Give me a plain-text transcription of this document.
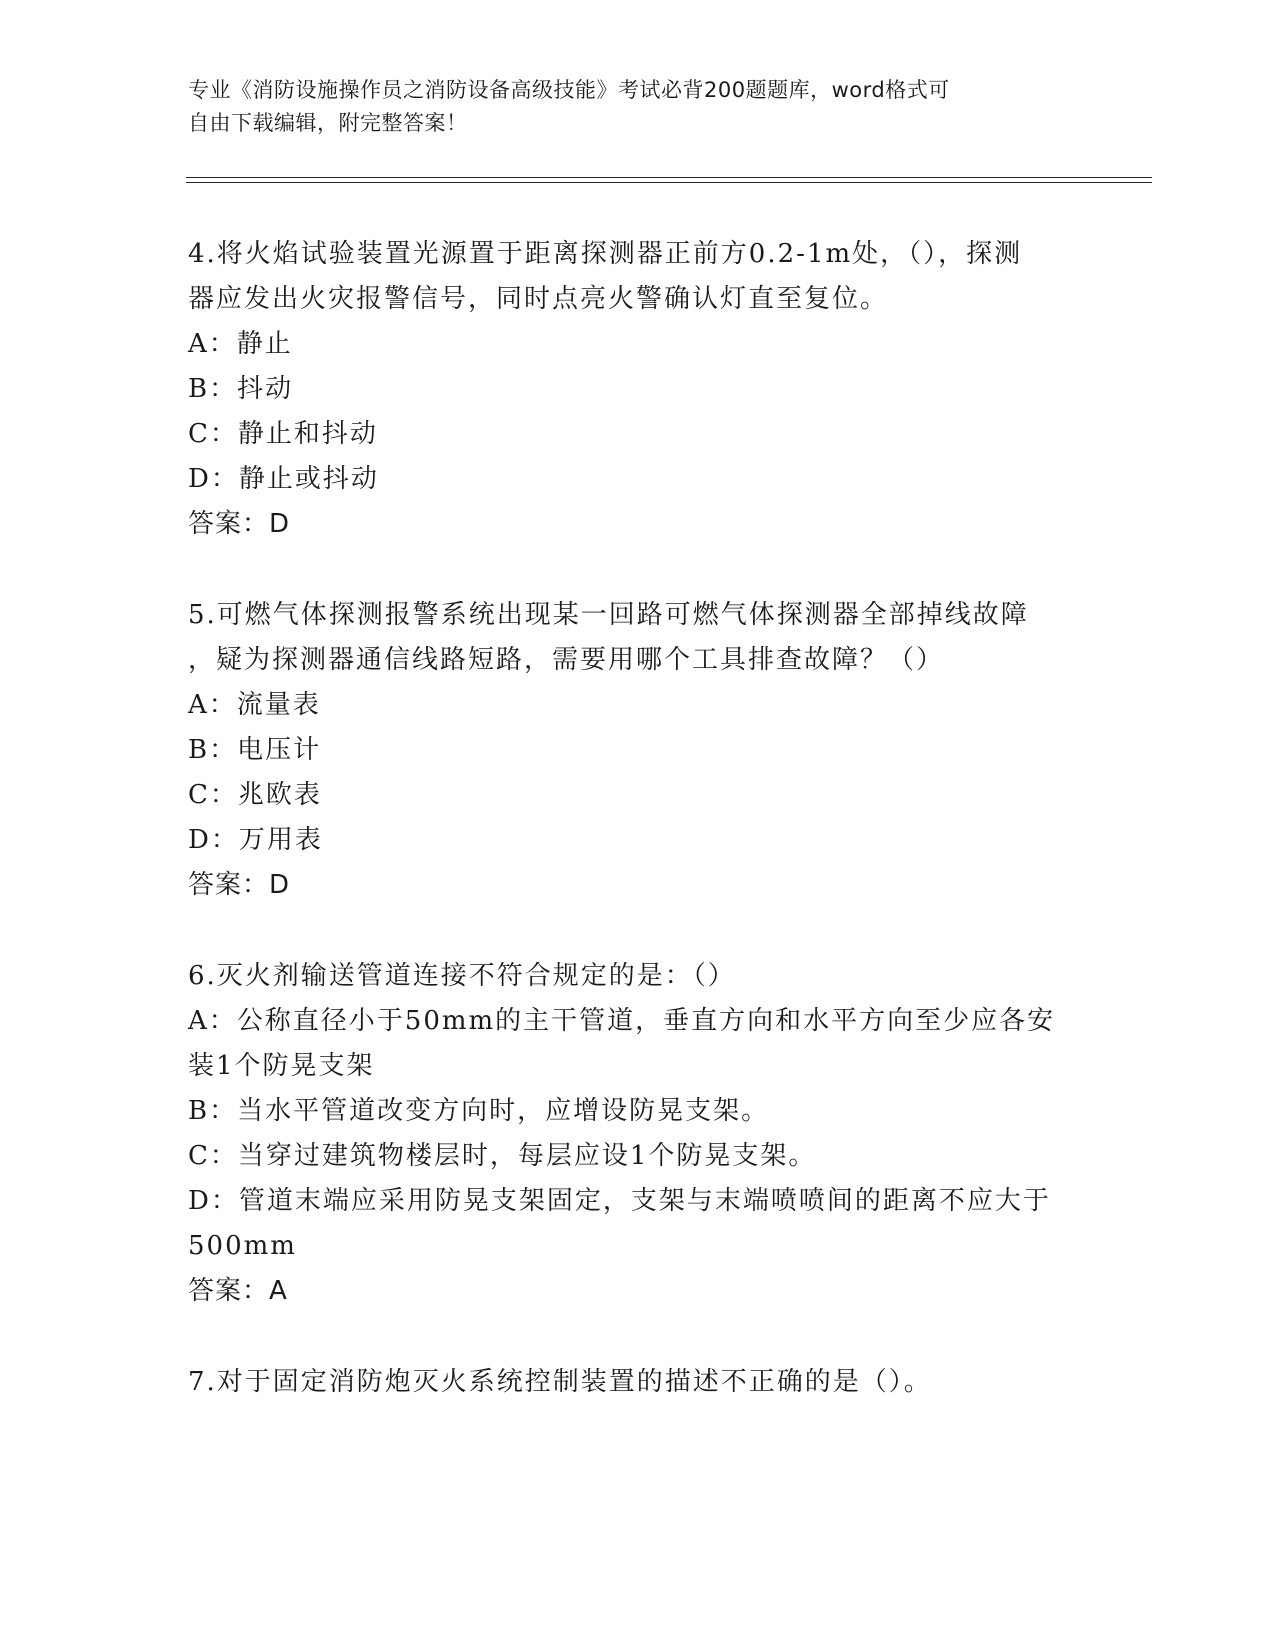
专业《消防设施操作员之消防设备高级技能》考试必背200题题库，word格式可
自由下载编辑，附完整答案！

4.将火焰试验装置光源置于距离探测器正前方0.2-1m处，（），探测

器应发出火灾报警信号，同时点亮火警确认灯直至复位。

A：静止

B：抖动

C：静止和抖动

D：静止或抖动

答案：D

5.可燃气体探测报警系统出现某一回路可燃气体探测器全部掉线故障

，疑为探测器通信线路短路，需要用哪个工具排查故障？（）

A：流量表

B：电压计

C：兆欧表

D：万用表

答案：D

6.灭火剂输送管道连接不符合规定的是：（）

A：公称直径小于50mm的主干管道，垂直方向和水平方向至少应各安

装1个防晃支架

B：当水平管道改变方向时，应增设防晃支架。

C：当穿过建筑物楼层时，每层应设1个防晃支架。

D：管道末端应采用防晃支架固定，支架与末端喷喷间的距离不应大于

500mm

答案：A

7.对于固定消防炮灭火系统控制装置的描述不正确的是（）。
